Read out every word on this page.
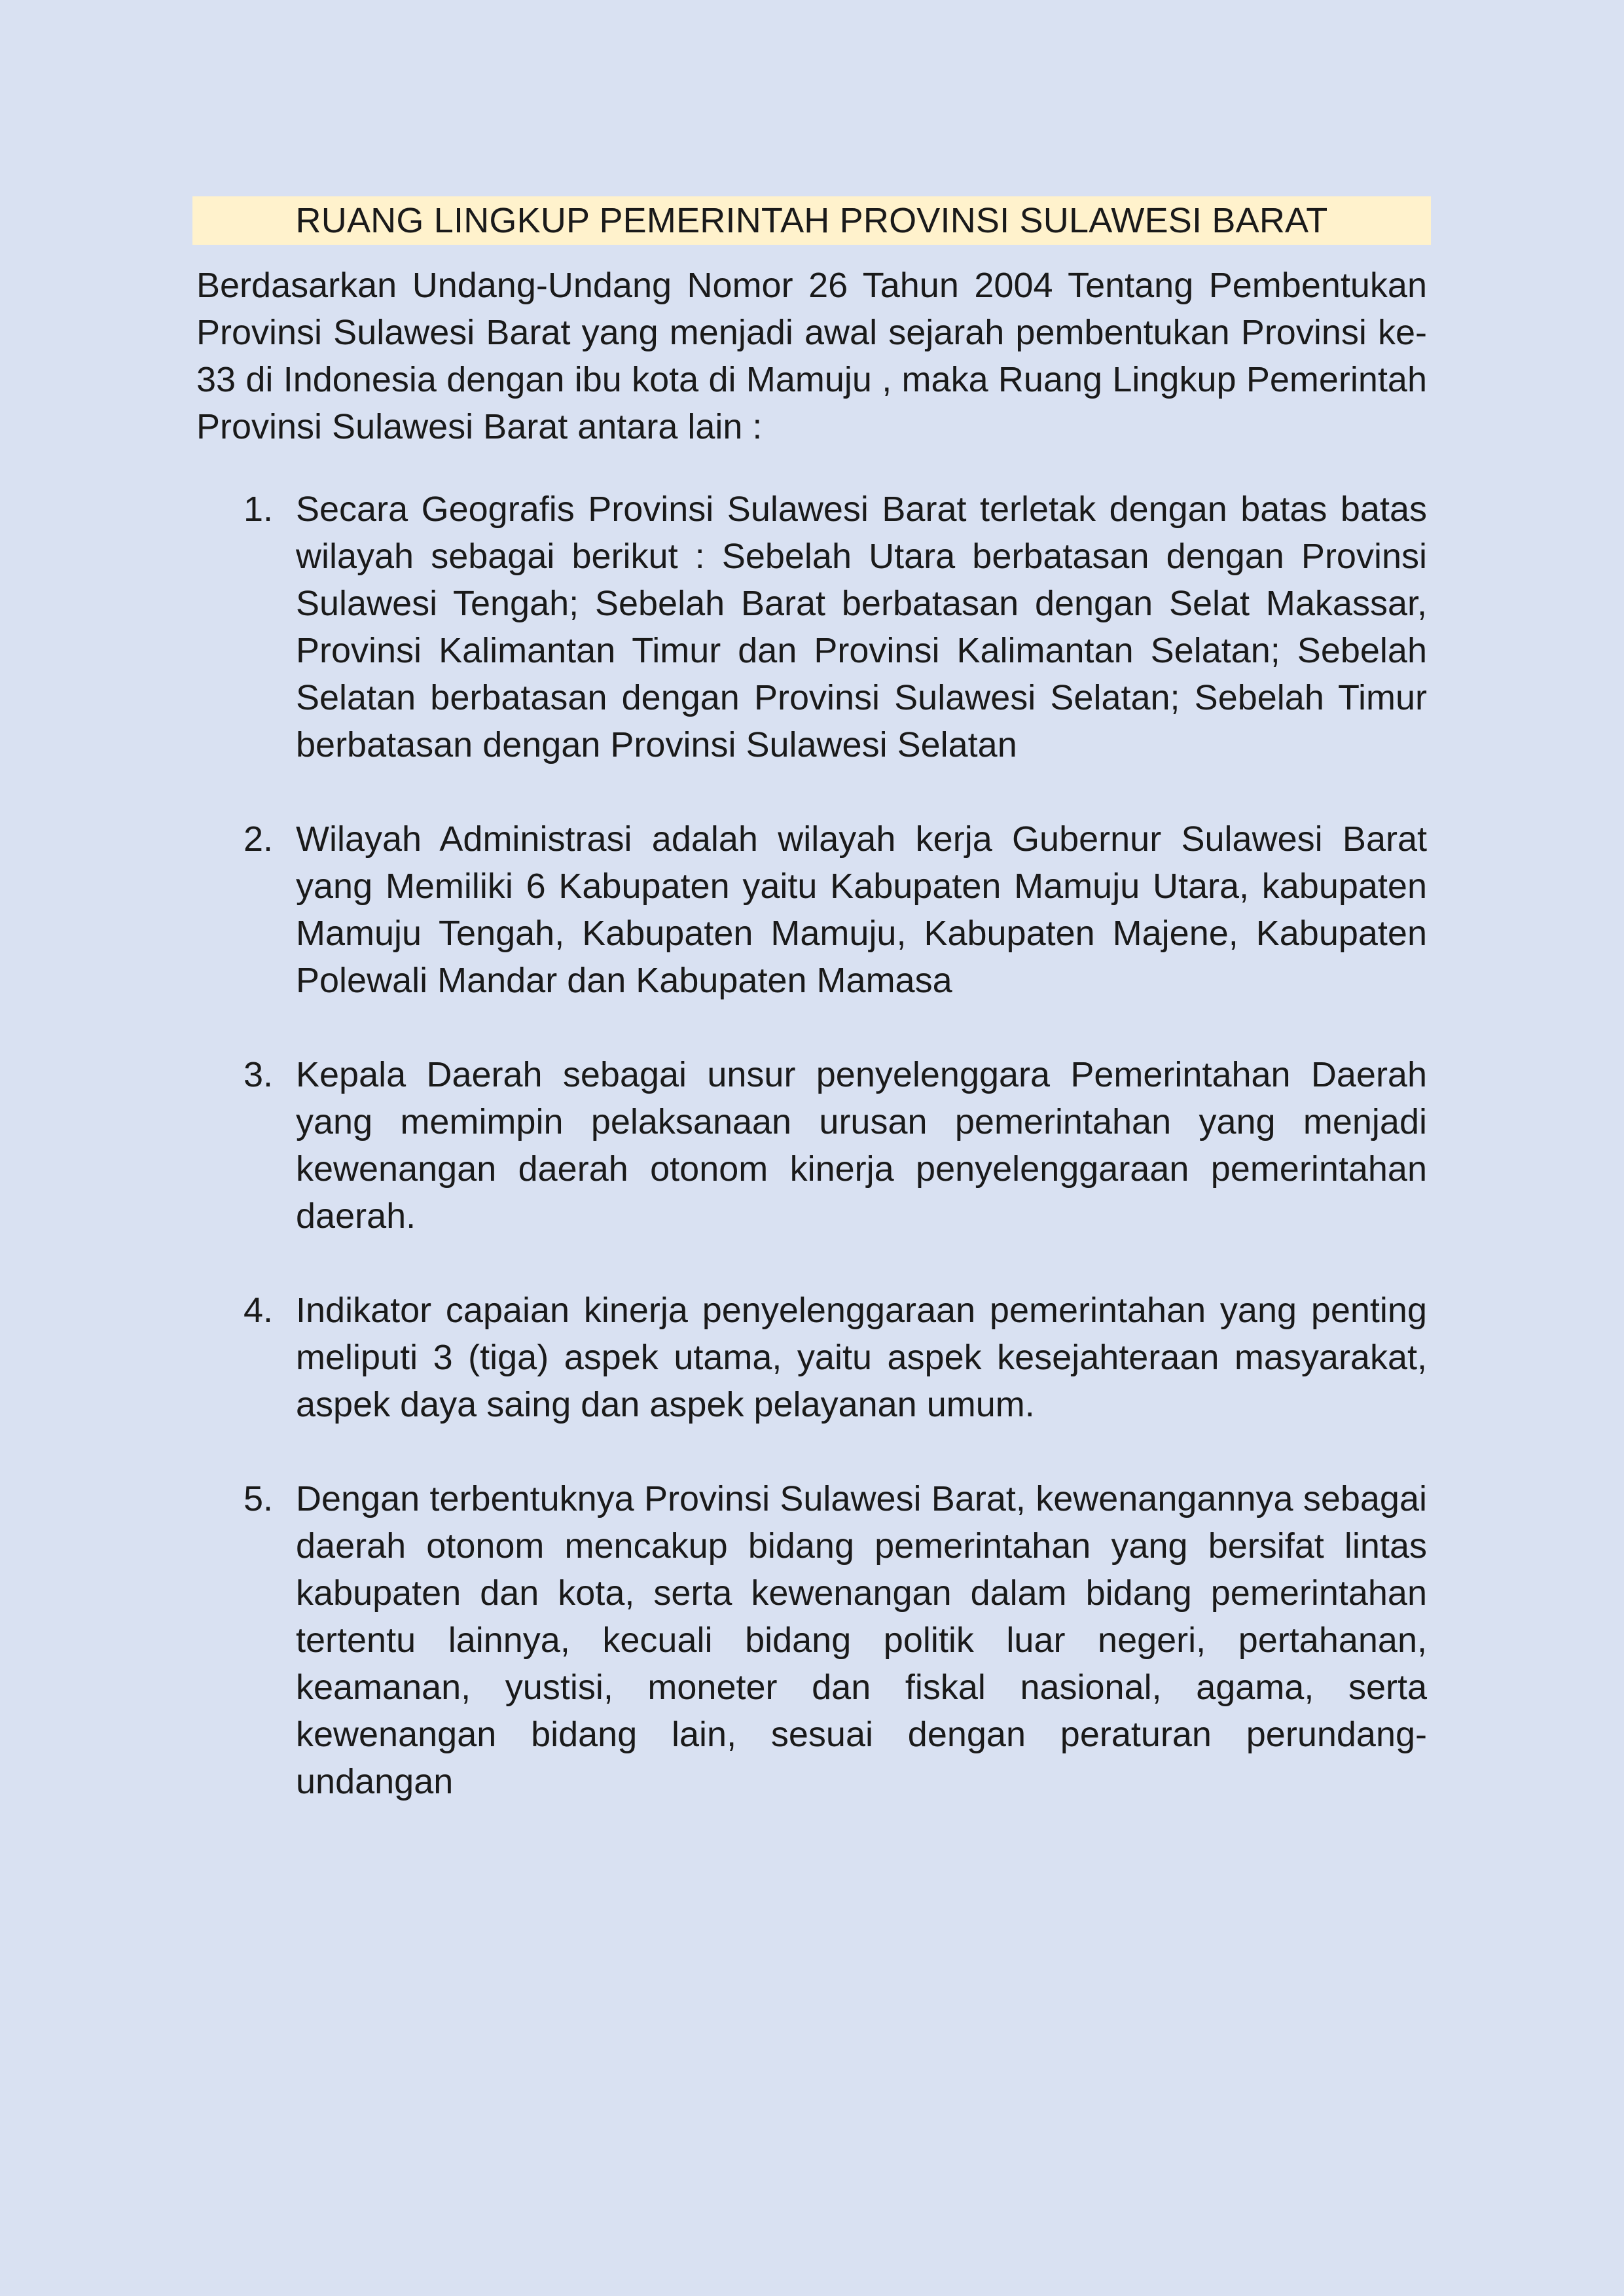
RUANG LINGKUP PEMERINTAH PROVINSI SULAWESI BARAT

Berdasarkan Undang-Undang Nomor 26 Tahun 2004 Tentang Pembentukan Provinsi Sulawesi Barat yang menjadi awal sejarah pembentukan Provinsi ke-33 di Indonesia dengan ibu kota di Mamuju , maka Ruang Lingkup Pemerintah Provinsi Sulawesi Barat antara lain :

1. Secara Geografis Provinsi Sulawesi Barat terletak dengan batas batas wilayah sebagai berikut : Sebelah Utara berbatasan dengan Provinsi Sulawesi Tengah; Sebelah Barat berbatasan dengan Selat Makassar, Provinsi Kalimantan Timur dan Provinsi Kalimantan Selatan; Sebelah Selatan berbatasan dengan Provinsi Sulawesi Selatan; Sebelah Timur berbatasan dengan Provinsi Sulawesi Selatan
2. Wilayah Administrasi adalah wilayah kerja Gubernur Sulawesi Barat yang Memiliki 6 Kabupaten yaitu Kabupaten Mamuju Utara, kabupaten Mamuju Tengah, Kabupaten Mamuju, Kabupaten Majene, Kabupaten Polewali Mandar dan Kabupaten Mamasa
3. Kepala Daerah sebagai unsur penyelenggara Pemerintahan Daerah yang memimpin pelaksanaan urusan pemerintahan yang menjadi kewenangan daerah otonom kinerja penyelenggaraan pemerintahan daerah.
4. Indikator capaian kinerja penyelenggaraan pemerintahan yang penting meliputi 3 (tiga) aspek utama, yaitu aspek kesejahteraan masyarakat, aspek daya saing dan aspek pelayanan umum.
5. Dengan terbentuknya Provinsi Sulawesi Barat, kewenangannya sebagai daerah otonom mencakup bidang pemerintahan yang bersifat lintas kabupaten dan kota, serta kewenangan dalam bidang pemerintahan tertentu lainnya, kecuali bidang politik luar negeri, pertahanan, keamanan, yustisi, moneter dan fiskal nasional, agama, serta kewenangan bidang lain, sesuai dengan peraturan perundang-undangan
